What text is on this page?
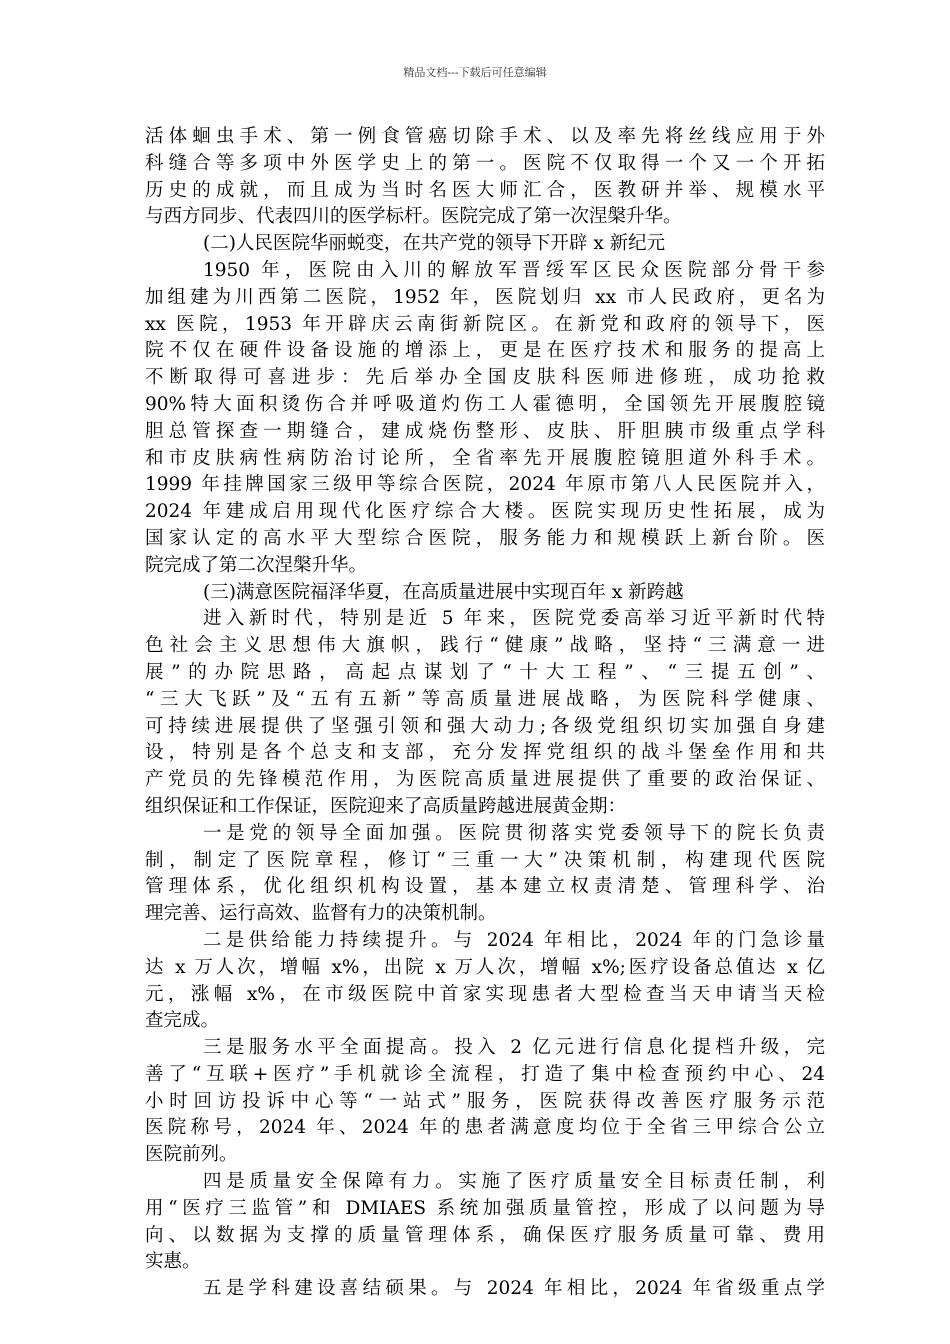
精品文档---下载后可任意编辑
活体蛔虫手术、第一例食管癌切除手术、以及率先将丝线应用于外
科缝合等多项中外医学史上的第一。医院不仅取得一个又一个开拓
历史的成就，而且成为当时名医大师汇合，医教研并举、规模水平
与西方同步、代表四川的医学标杆。医院完成了第一次涅槃升华。
(二)人民医院华丽蜕变，在共产党的领导下开辟 x 新纪元
1950 年，医院由入川的解放军晋绥军区民众医院部分骨干参
加组建为川西第二医院，1952 年，医院划归 xx 市人民政府，更名为
xx 医院，1953 年开辟庆云南街新院区。在新党和政府的领导下，医
院不仅在硬件设备设施的增添上，更是在医疗技术和服务的提高上
不断取得可喜进步：先后举办全国皮肤科医师进修班，成功抢救
90%特大面积烫伤合并呼吸道灼伤工人霍德明，全国领先开展腹腔镜
胆总管探查一期缝合，建成烧伤整形、皮肤、肝胆胰市级重点学科
和市皮肤病性病防治讨论所，全省率先开展腹腔镜胆道外科手术。
1999 年挂牌国家三级甲等综合医院，2024 年原市第八人民医院并入，
2024 年建成启用现代化医疗综合大楼。医院实现历史性拓展，成为
国家认定的高水平大型综合医院，服务能力和规模跃上新台阶。医
院完成了第二次涅槃升华。
(三)满意医院福泽华夏，在高质量进展中实现百年 x 新跨越
进入新时代，特别是近 5 年来，医院党委高举习近平新时代特
色社会主义思想伟大旗帜，践行“健康”战略，坚持“三满意一进
展”的办院思路，高起点谋划了“十大工程”、“三提五创”、
“三大飞跃”及“五有五新”等高质量进展战略，为医院科学健康、
可持续进展提供了坚强引领和强大动力;各级党组织切实加强自身建
设，特别是各个总支和支部，充分发挥党组织的战斗堡垒作用和共
产党员的先锋模范作用，为医院高质量进展提供了重要的政治保证、
组织保证和工作保证，医院迎来了高质量跨越进展黄金期：
一是党的领导全面加强。医院贯彻落实党委领导下的院长负责
制，制定了医院章程，修订“三重一大”决策机制，构建现代医院
管理体系，优化组织机构设置，基本建立权责清楚、管理科学、治
理完善、运行高效、监督有力的决策机制。
二是供给能力持续提升。与 2024 年相比，2024 年的门急诊量
达 x 万人次，增幅 x%，出院 x 万人次，增幅 x%;医疗设备总值达 x 亿
元，涨幅 x%，在市级医院中首家实现患者大型检查当天申请当天检
查完成。
三是服务水平全面提高。投入 2 亿元进行信息化提档升级，完
善了“互联+医疗”手机就诊全流程，打造了集中检查预约中心、24
小时回访投诉中心等“一站式”服务，医院获得改善医疗服务示范
医院称号，2024 年、2024 年的患者满意度均位于全省三甲综合公立
医院前列。
四是质量安全保障有力。实施了医疗质量安全目标责任制，利
用“医疗三监管”和 DMIAES 系统加强质量管控，形成了以问题为导
向、以数据为支撑的质量管理体系，确保医疗服务质量可靠、费用
实惠。
五是学科建设喜结硕果。与 2024 年相比，2024 年省级重点学
